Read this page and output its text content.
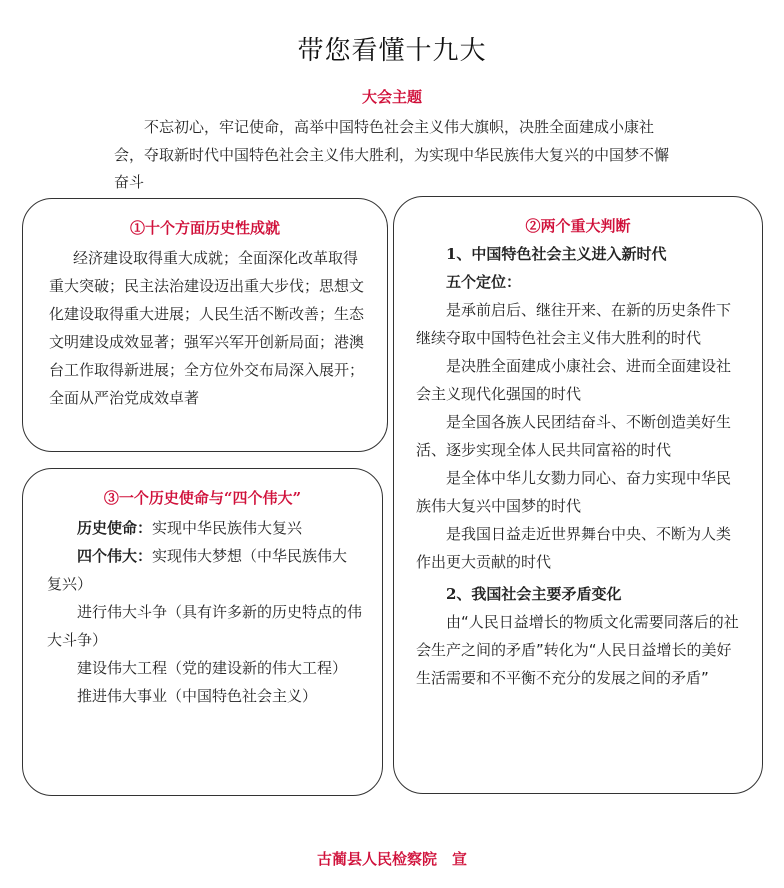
带您看懂十九大
大会主题
不忘初心，牢记使命，高举中国特色社会主义伟大旗帜，决胜全面建成小康社会，夺取新时代中国特色社会主义伟大胜利，为实现中华民族伟大复兴的中国梦不懈奋斗
①十个方面历史性成就
经济建设取得重大成就；全面深化改革取得重大突破；民主法治建设迈出重大步伐；思想文化建设取得重大进展；人民生活不断改善；生态文明建设成效显著；强军兴军开创新局面；港澳台工作取得新进展；全方位外交布局深入展开；全面从严治党成效卓著
②两个重大判断
1、中国特色社会主义进入新时代
五个定位：
是承前启后、继往开来、在新的历史条件下继续夺取中国特色社会主义伟大胜利的时代
是决胜全面建成小康社会、进而全面建设社会主义现代化强国的时代
是全国各族人民团结奋斗、不断创造美好生活、逐步实现全体人民共同富裕的时代
是全体中华儿女勠力同心、奋力实现中华民族伟大复兴中国梦的时代
是我国日益走近世界舞台中央、不断为人类作出更大贡献的时代
2、我国社会主要矛盾变化
由“人民日益增长的物质文化需要同落后的社会生产之间的矛盾”转化为“人民日益增长的美好生活需要和不平衡不充分的发展之间的矛盾”
③一个历史使命与“四个伟大”
历史使命：实现中华民族伟大复兴
四个伟大：实现伟大梦想（中华民族伟大复兴）
进行伟大斗争（具有许多新的历史特点的伟大斗争）
建设伟大工程（党的建设新的伟大工程）
推进伟大事业（中国特色社会主义）
古蔺县人民检察院　宣
